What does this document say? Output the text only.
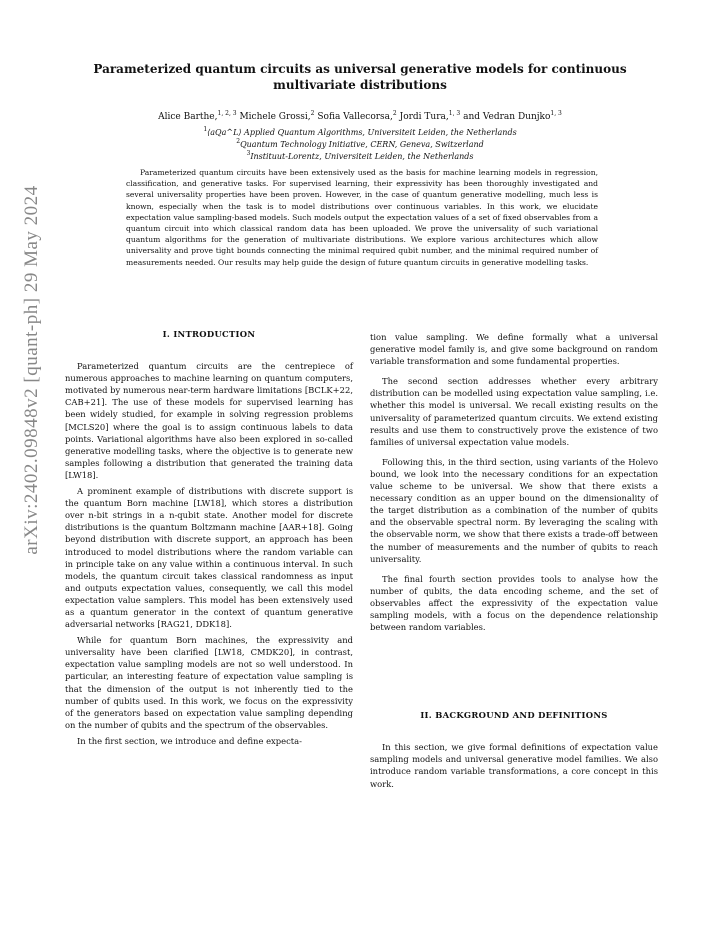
arXiv:2402.09848v2 [quant-ph] 29 May 2024
Parameterized quantum circuits as universal generative models for continuous multivariate distributions
Alice Barthe,$^{1, 2, 3}$ Michele Grossi,$^2$ Sofia Vallecorsa,$^2$ Jordi Tura,$^{1, 3}$ and Vedran Dunjko$^{1, 3}$
$^1$⟨aQa^L⟩ Applied Quantum Algorithms, Universiteit Leiden, the Netherlands
$^2$Quantum Technology Initiative, CERN, Geneva, Switzerland
$^3$Instituut-Lorentz, Universiteit Leiden, the Netherlands
Parameterized quantum circuits have been extensively used as the basis for machine learning models in regression, classification, and generative tasks. For supervised learning, their expressivity has been thoroughly investigated and several universality properties have been proven. However, in the case of quantum generative modelling, much less is known, especially when the task is to model distributions over continuous variables. In this work, we elucidate expectation value sampling-based models. Such models output the expectation values of a set of fixed observables from a quantum circuit into which classical random data has been uploaded. We prove the universality of such variational quantum algorithms for the generation of multivariate distributions. We explore various architectures which allow universality and prove tight bounds connecting the minimal required qubit number, and the minimal required number of measurements needed. Our results may help guide the design of future quantum circuits in generative modelling tasks.
I. INTRODUCTION

Parameterized quantum circuits are the centrepiece of numerous approaches to machine learning on quantum computers, motivated by numerous near-term hardware limitations [BCLK+22, CAB+21]. The use of these models for supervised learning has been widely studied, for example in solving regression problems [MCLS20] where the goal is to assign continuous labels to data points. Variational algorithms have also been explored in so-called generative modelling tasks, where the objective is to generate new samples following a distribution that generated the training data [LW18].

A prominent example of distributions with discrete support is the quantum Born machine [LW18], which stores a distribution over n-bit strings in a n-qubit state. Another model for discrete distributions is the quantum Boltzmann machine [AAR+18]. Going beyond distribution with discrete support, an approach has been introduced to model distributions where the random variable can in principle take on any value within a continuous interval. In such models, the quantum circuit takes classical randomness as input and outputs expectation values, consequently, we call this model expectation value samplers. This model has been extensively used as a quantum generator in the context of quantum generative adversarial networks [RAG21, DDK18].

While for quantum Born machines, the expressivity and universality have been clarified [LW18, CMDK20], in contrast, expectation value sampling models are not so well understood. In particular, an interesting feature of expectation value sampling is that the dimension of the output is not inherently tied to the number of qubits used. In this work, we focus on the expressivity of the generators based on expectation value sampling depending on the number of qubits and the spectrum of the observables.

In the first section, we introduce and define expecta-

tion value sampling. We define formally what a universal generative model family is, and give some background on random variable transformation and some fundamental properties.

The second section addresses whether every arbitrary distribution can be modelled using expectation value sampling, i.e. whether this model is universal. We recall existing results on the universality of parameterized quantum circuits. We extend existing results and use them to constructively prove the existence of two families of universal expectation value models.

Following this, in the third section, using variants of the Holevo bound, we look into the necessary conditions for an expectation value scheme to be universal. We show that there exists a necessary condition as an upper bound on the dimensionality of the target distribution as a combination of the number of qubits and the observable spectral norm. By leveraging the scaling with the observable norm, we show that there exists a trade-off between the number of measurements and the number of qubits to reach universality.

The final fourth section provides tools to analyse how the number of qubits, the data encoding scheme, and the set of observables affect the expressivity of the expectation value sampling models, with a focus on the dependence relationship between random variables.

II. BACKGROUND AND DEFINITIONS

In this section, we give formal definitions of expectation value sampling models and universal generative model families. We also introduce random variable transformations, a core concept in this work.
